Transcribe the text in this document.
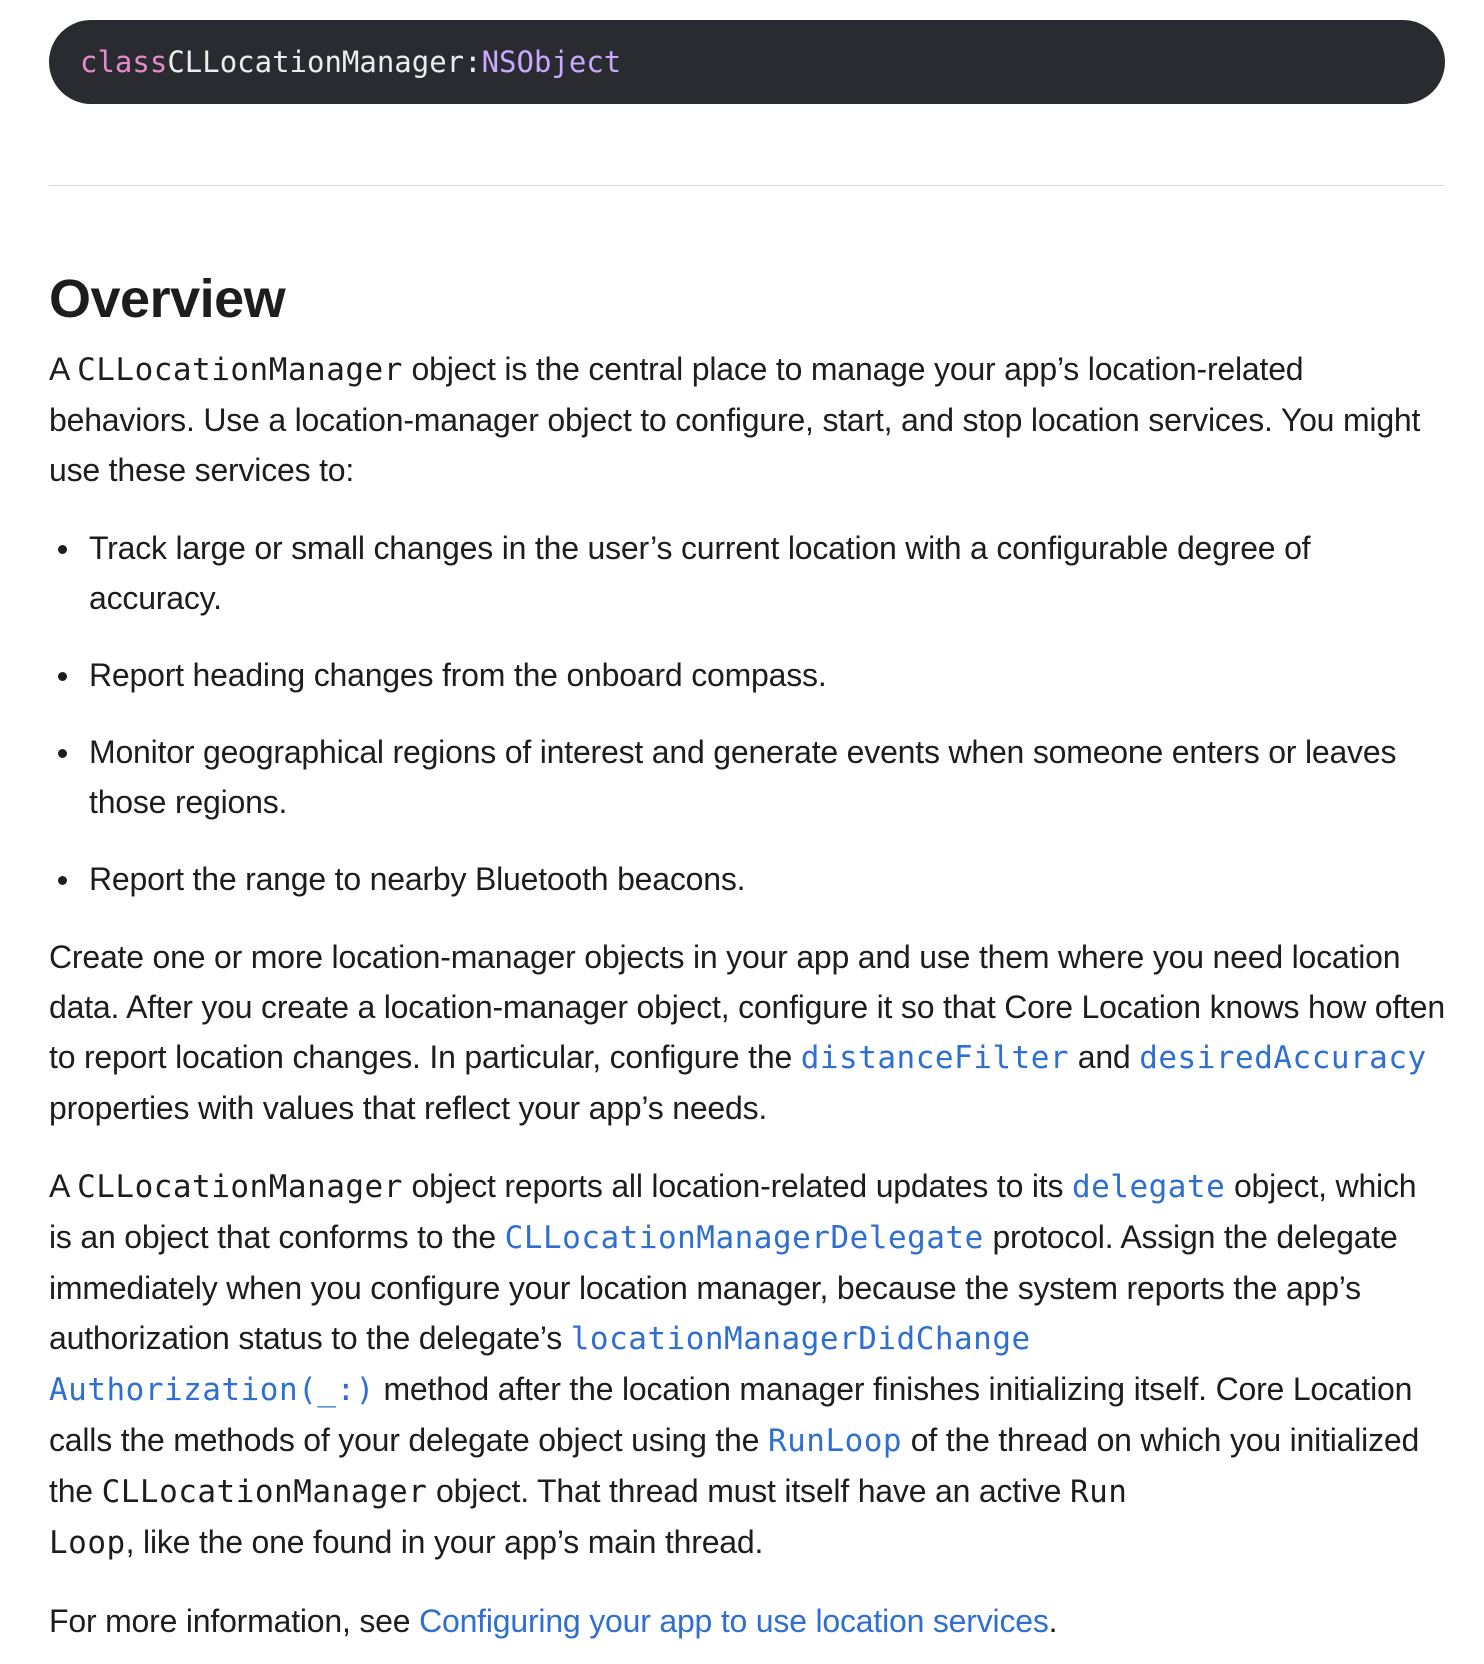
class CLLocationManager : NSObject
Overview

A CLLocationManager object is the central place to manage your app’s location-related behaviors. Use a location-manager object to configure, start, and stop location services. You might use these services to:

Track large or small changes in the user’s current location with a configurable degree of accuracy.
Report heading changes from the onboard compass.
Monitor geographical regions of interest and generate events when someone enters or leaves those regions.
Report the range to nearby Bluetooth beacons.

Create one or more location-manager objects in your app and use them where you need location data. After you create a location-manager object, configure it so that Core Location knows how often to report location changes. In particular, configure the distanceFilter and desiredAccuracy properties with values that reflect your app’s needs.

A CLLocationManager object reports all location-related updates to its delegate object, which is an object that conforms to the CLLocationManagerDelegate protocol. Assign the delegate immediately when you configure your location manager, because the system reports the app’s authorization status to the delegate’s locationManagerDidChange
Authorization(_:) method after the location manager finishes initializing itself. Core Location calls the methods of your delegate object using the RunLoop of the thread on which you initialized the CLLocationManager object. That thread must itself have an active Run
Loop, like the one found in your app’s main thread.

For more information, see Configuring your app to use location services.
